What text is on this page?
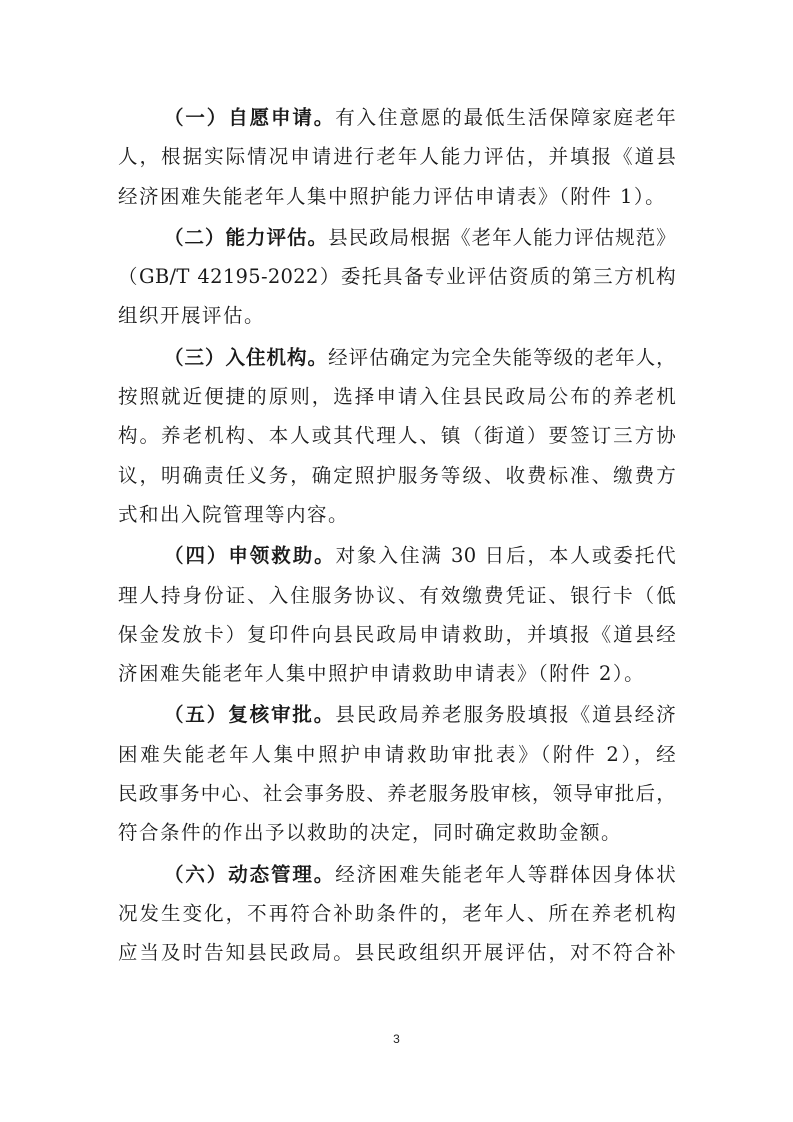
（一）自愿申请。有入住意愿的最低生活保障家庭老年
人，根据实际情况申请进行老年人能力评估，并填报《道县
经济困难失能老年人集中照护能力评估申请表》（附件 1）。
（二）能力评估。县民政局根据《老年人能力评估规范》
（GB/T 42195-2022）委托具备专业评估资质的第三方机构
组织开展评估。
（三）入住机构。经评估确定为完全失能等级的老年人，
按照就近便捷的原则，选择申请入住县民政局公布的养老机
构。养老机构、本人或其代理人、镇（街道）要签订三方协
议，明确责任义务，确定照护服务等级、收费标准、缴费方
式和出入院管理等内容。
（四）申领救助。对象入住满 30 日后，本人或委托代
理人持身份证、入住服务协议、有效缴费凭证、银行卡（低
保金发放卡）复印件向县民政局申请救助，并填报《道县经
济困难失能老年人集中照护申请救助申请表》（附件 2）。
（五）复核审批。县民政局养老服务股填报《道县经济
困难失能老年人集中照护申请救助审批表》（附件 2），经
民政事务中心、社会事务股、养老服务股审核，领导审批后，
符合条件的作出予以救助的决定，同时确定救助金额。
（六）动态管理。经济困难失能老年人等群体因身体状
况发生变化，不再符合补助条件的，老年人、所在养老机构
应当及时告知县民政局。县民政组织开展评估，对不符合补
3
